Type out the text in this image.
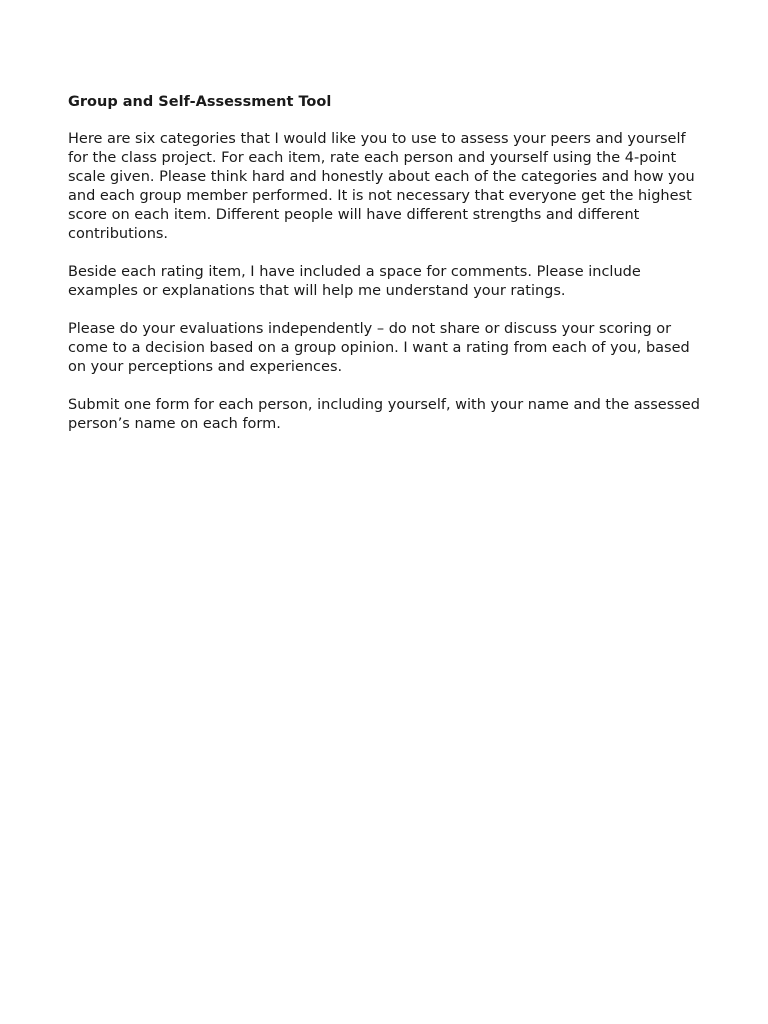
Group and Self-Assessment Tool

Here are six categories that I would like you to use to assess your peers and yourself for the class project. For each item, rate each person and yourself using the 4-point scale given. Please think hard and honestly about each of the categories and how you and each group member performed. It is not necessary that everyone get the highest score on each item. Different people will have different strengths and different contributions.

Beside each rating item, I have included a space for comments. Please include examples or explanations that will help me understand your ratings.

Please do your evaluations independently – do not share or discuss your scoring or come to a decision based on a group opinion. I want a rating from each of you, based on your perceptions and experiences.

Submit one form for each person, including yourself, with your name and the assessed person’s name on each form.
